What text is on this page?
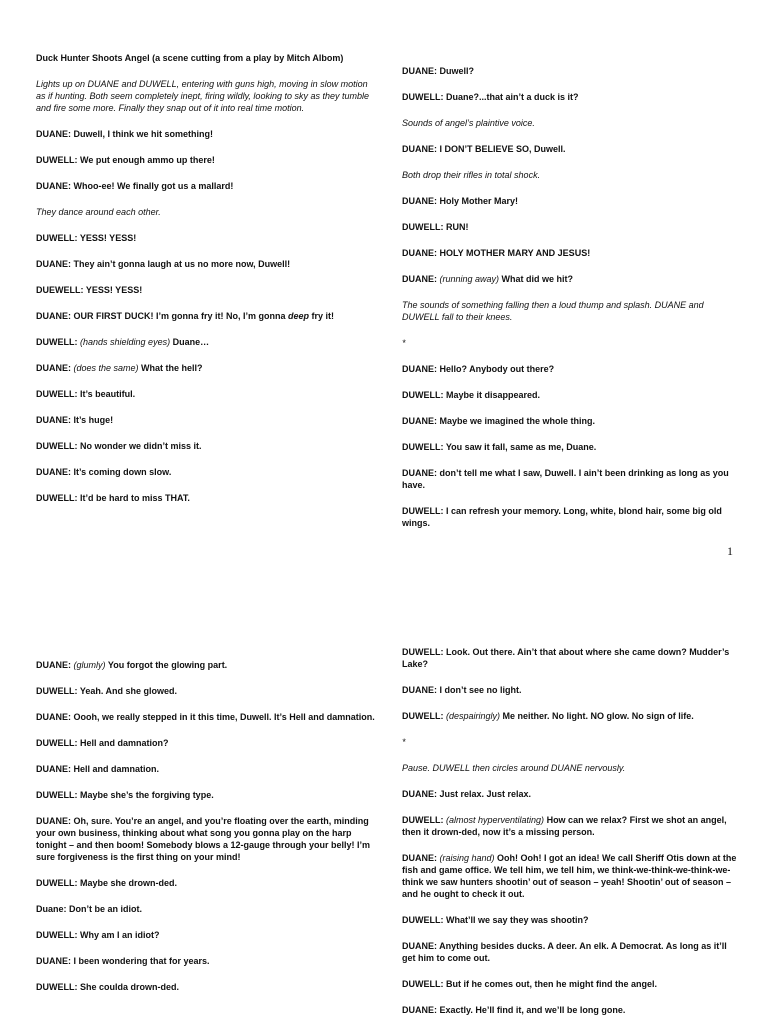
Duck Hunter Shoots Angel (a scene cutting from a play by Mitch Albom)

Lights up on DUANE and DUWELL, entering with guns high, moving in slow motion as if hunting. Both seem completely inept, firing wildly, looking to sky as they tumble and fire some more. Finally they snap out of it into real time motion.

DUANE: Duwell, I think we hit something!

DUWELL: We put enough ammo up there!

DUANE: Whoo-ee! We finally got us a mallard!

They dance around each other.

DUWELL: YESS! YESS!

DUANE: They ain’t gonna laugh at us no more now, Duwell!

DUEWELL: YESS! YESS!

DUANE: OUR FIRST DUCK! I’m gonna fry it! No, I’m gonna deep fry it!

DUWELL: (hands shielding eyes) Duane…

DUANE: (does the same) What the hell?

DUWELL: It’s beautiful.

DUANE: It’s huge!

DUWELL: No wonder we didn’t miss it.

DUANE: It’s coming down slow.

DUWELL: It’d be hard to miss THAT.

DUANE: Duwell?

DUWELL: Duane?...that ain’t a duck is it?

Sounds of angel’s plaintive voice.

DUANE: I DON’T BELIEVE SO, Duwell.

Both drop their rifles in total shock.

DUANE: Holy Mother Mary!

DUWELL: RUN!

DUANE: HOLY MOTHER MARY AND JESUS!

DUANE: (running away) What did we hit?

The sounds of something falling then a loud thump and splash. DUANE and DUWELL fall to their knees.

*

DUANE: Hello? Anybody out there?

DUWELL: Maybe it disappeared.

DUANE: Maybe we imagined the whole thing.

DUWELL: You saw it fall, same as me, Duane.

DUANE: don’t tell me what I saw, Duwell. I ain’t been drinking as long as you have.

DUWELL: I can refresh your memory. Long, white, blond hair, some big old wings.

1

DUANE: (glumly) You forgot the glowing part.

DUWELL: Yeah. And she glowed.

DUANE: Oooh, we really stepped in it this time, Duwell. It’s Hell and damnation.

DUWELL: Hell and damnation?

DUANE: Hell and damnation.

DUWELL: Maybe she’s the forgiving type.

DUANE: Oh, sure. You’re an angel, and you’re floating over the earth, minding your own business, thinking about what song you gonna play on the harp tonight – and then boom! Somebody blows a 12-gauge through your belly! I’m sure forgiveness is the first thing on your mind!

DUWELL: Maybe she drown-ded.

Duane: Don’t be an idiot.

DUWELL: Why am I an idiot?

DUANE: I been wondering that for years.

DUWELL: She coulda drown-ded.

DUWELL: Look. Out there. Ain’t that about where she came down? Mudder’s Lake?

DUANE: I don’t see no light.

DUWELL: (despairingly) Me neither. No light. NO glow. No sign of life.

*

Pause. DUWELL then circles around DUANE nervously.

DUANE: Just relax. Just relax.

DUWELL: (almost hyperventilating) How can we relax? First we shot an angel, then it drown-ded, now it’s a missing person.

DUANE: (raising hand) Ooh! Ooh! I got an idea! We call Sheriff Otis down at the fish and game office. We tell him, we tell him, we think-we-think-we-think-we-think we saw hunters shootin’ out of season – yeah! Shootin’ out of season – and he ought to check it out.

DUWELL: What’ll we say they was shootin?

DUANE: Anything besides ducks. A deer. An elk. A Democrat. As long as it’ll get him to come out.

DUWELL: But if he comes out, then he might find the angel.

DUANE: Exactly. He’ll find it, and we’ll be long gone.
